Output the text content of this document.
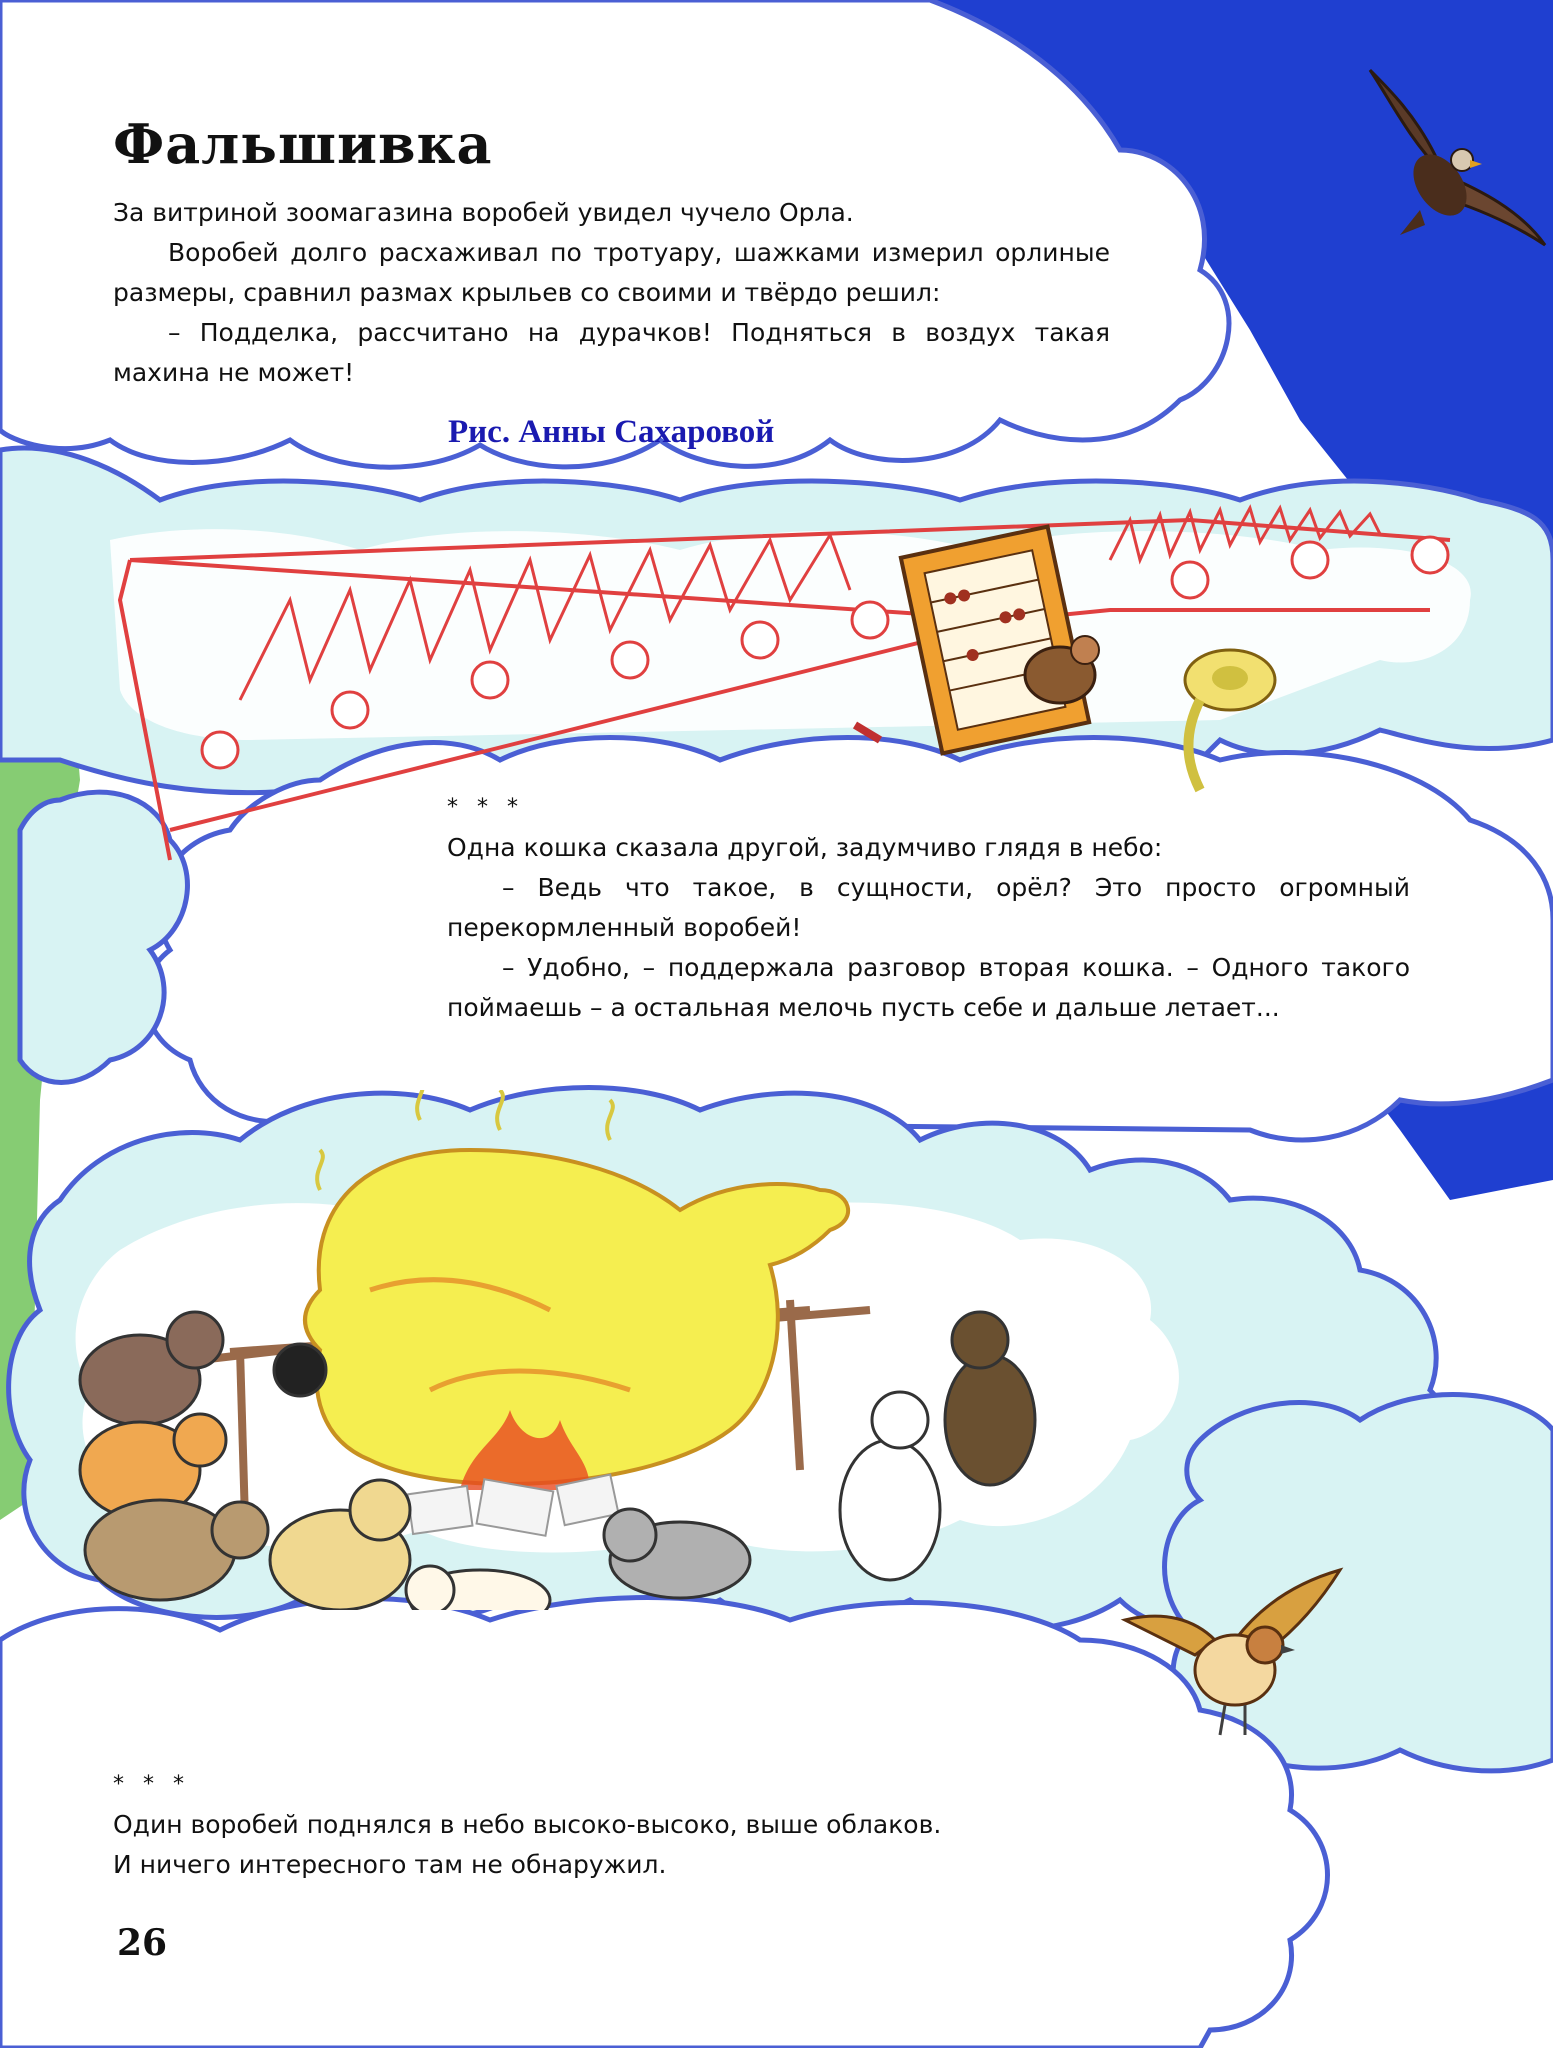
Фальшивка

За витриной зоомагазина воробей увидел чучело Орла.

Воробей долго расхаживал по тротуару, шажками измерил орлиные размеры, сравнил размах крыльев со своими и твёрдо решил:

– Подделка, рассчитано на дурачков! Подняться в воздух такая махина не может!

Рис. Анны Сахаровой

* * *

Одна кошка сказала другой, задумчиво глядя в небо:

– Ведь что такое, в сущности, орёл? Это просто огромный перекормленный воробей!

– Удобно, – поддержала разговор вторая кошка. – Одного такого поймаешь – а остальная мелочь пусть себе и дальше летает...

* * *

Один воробей поднялся в небо высоко-высоко, выше облаков.

И ничего интересного там не обнаружил.

26
